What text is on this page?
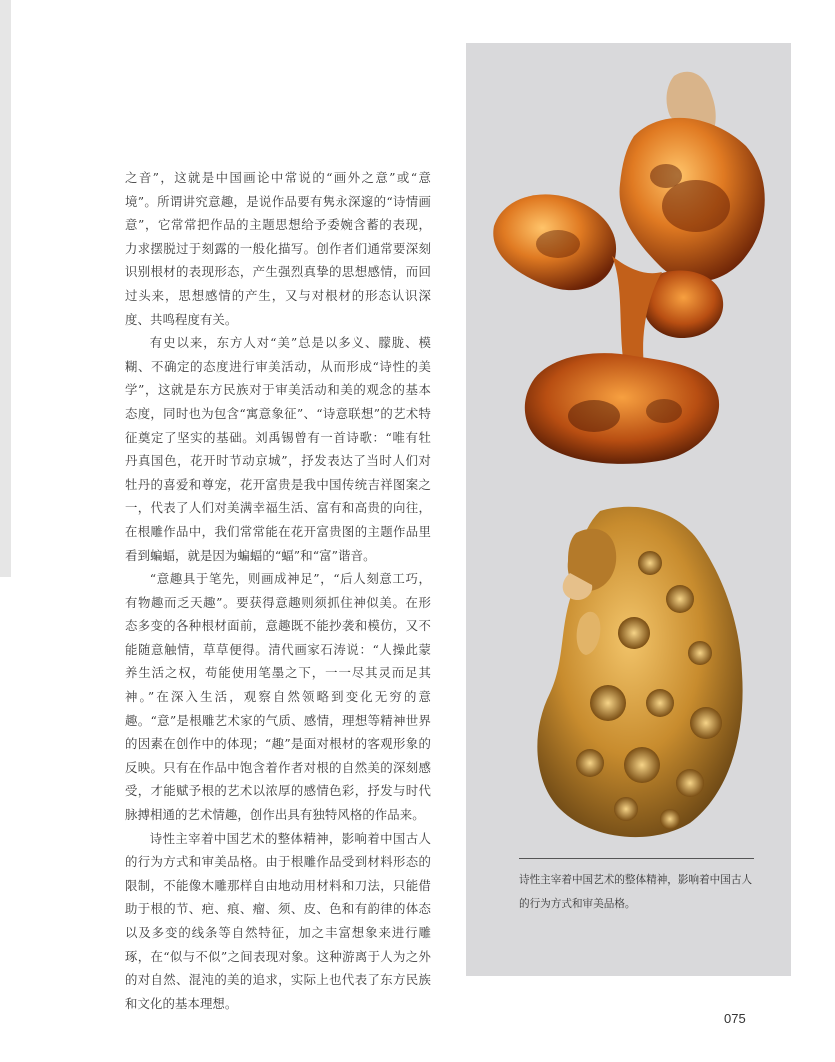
之音”，这就是中国画论中常说的“画外之意”或“意境”。所谓讲究意趣，是说作品要有隽永深邃的“诗情画意”，它常常把作品的主题思想给予委婉含蓄的表现，力求摆脱过于刻露的一般化描写。创作者们通常要深刻识别根材的表现形态，产生强烈真挚的思想感情，而回过头来，思想感情的产生，又与对根材的形态认识深度、共鸣程度有关。

有史以来，东方人对“美”总是以多义、朦胧、模糊、不确定的态度进行审美活动，从而形成“诗性的美学”，这就是东方民族对于审美活动和美的观念的基本态度，同时也为包含“寓意象征”、“诗意联想”的艺术特征奠定了坚实的基础。刘禹锡曾有一首诗歌：“唯有牡丹真国色，花开时节动京城”，抒发表达了当时人们对牡丹的喜爱和尊宠，花开富贵是我中国传统吉祥图案之一，代表了人们对美满幸福生活、富有和高贵的向往，在根雕作品中，我们常常能在花开富贵图的主题作品里看到蝙蝠，就是因为蝙蝠的“蝠”和“富”谐音。

“意趣具于笔先，则画成神足”，“后人刻意工巧，有物趣而乏天趣”。要获得意趣则须抓住神似美。在形态多变的各种根材面前，意趣既不能抄袭和模仿，又不能随意触情，草草便得。清代画家石涛说：“人操此蒙养生活之权，苟能使用笔墨之下，一一尽其灵而足其神。”在深入生活，观察自然领略到变化无穷的意趣。“意”是根雕艺术家的气质、感情，理想等精神世界的因素在创作中的体现；“趣”是面对根材的客观形象的反映。只有在作品中饱含着作者对根的自然美的深刻感受，才能赋予根的艺术以浓厚的感情色彩，抒发与时代脉搏相通的艺术情趣，创作出具有独特风格的作品来。

诗性主宰着中国艺术的整体精神，影响着中国古人的行为方式和审美品格。由于根雕作品受到材料形态的限制，不能像木雕那样自由地动用材料和刀法，只能借助于根的节、疤、痕、瘤、须、皮、色和有韵律的体态以及多变的线条等自然特征，加之丰富想象来进行雕琢，在“似与不似”之间表现对象。这种游离于人为之外的对自然、混沌的美的追求，实际上也代表了东方民族和文化的基本理想。

诗性主宰着中国艺术的整体精神，影响着中国古人的行为方式和审美品格。
075
